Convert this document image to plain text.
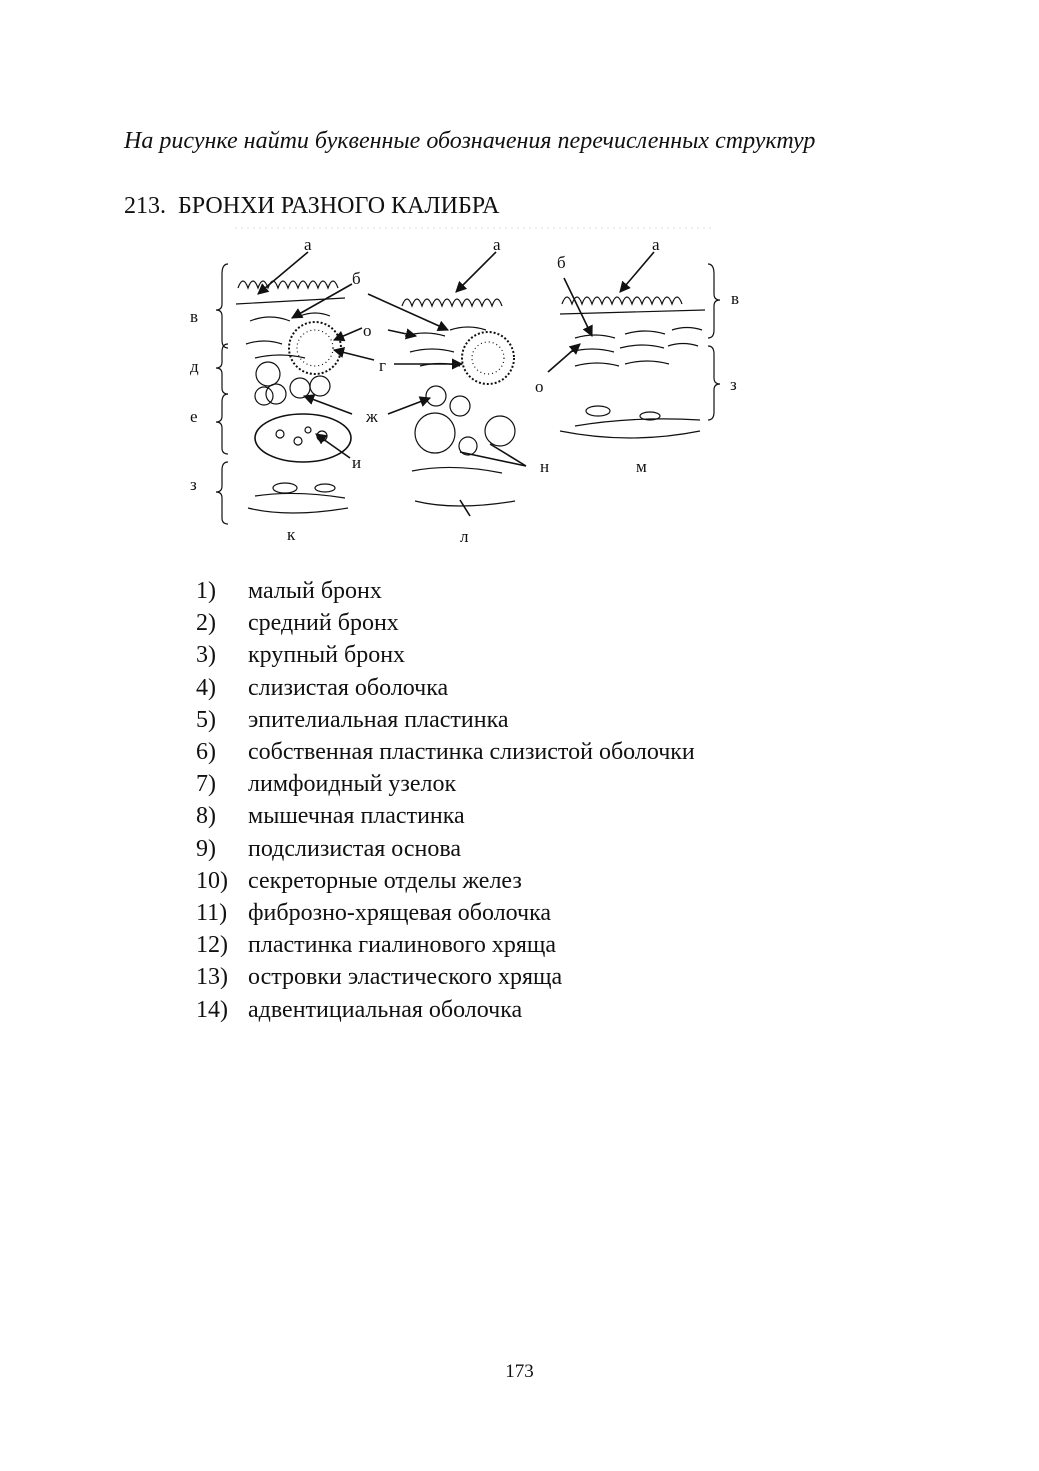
На рисунке найти буквенные обозначения перечисленных структур
213. БРОНХИ РАЗНОГО КАЛИБРА
а	а	а
б
б
в
в
д
е
з
з
о
о
г
ж
и	н
к	л
м
1)	малый бронх
2)	средний бронх
3)	крупный бронх
4)	слизистая оболочка
5)	эпителиальная пластинка
6)	собственная пластинка слизистой оболочки
7)	лимфоидный узелок
8)	мышечная пластинка
9)	подслизистая основа
10) секреторные отделы желез
11) фиброзно-хрящевая оболочка
12) пластинка гиалинового хряща
13) островки эластического хряща
14) адвентициальная оболочка
173
